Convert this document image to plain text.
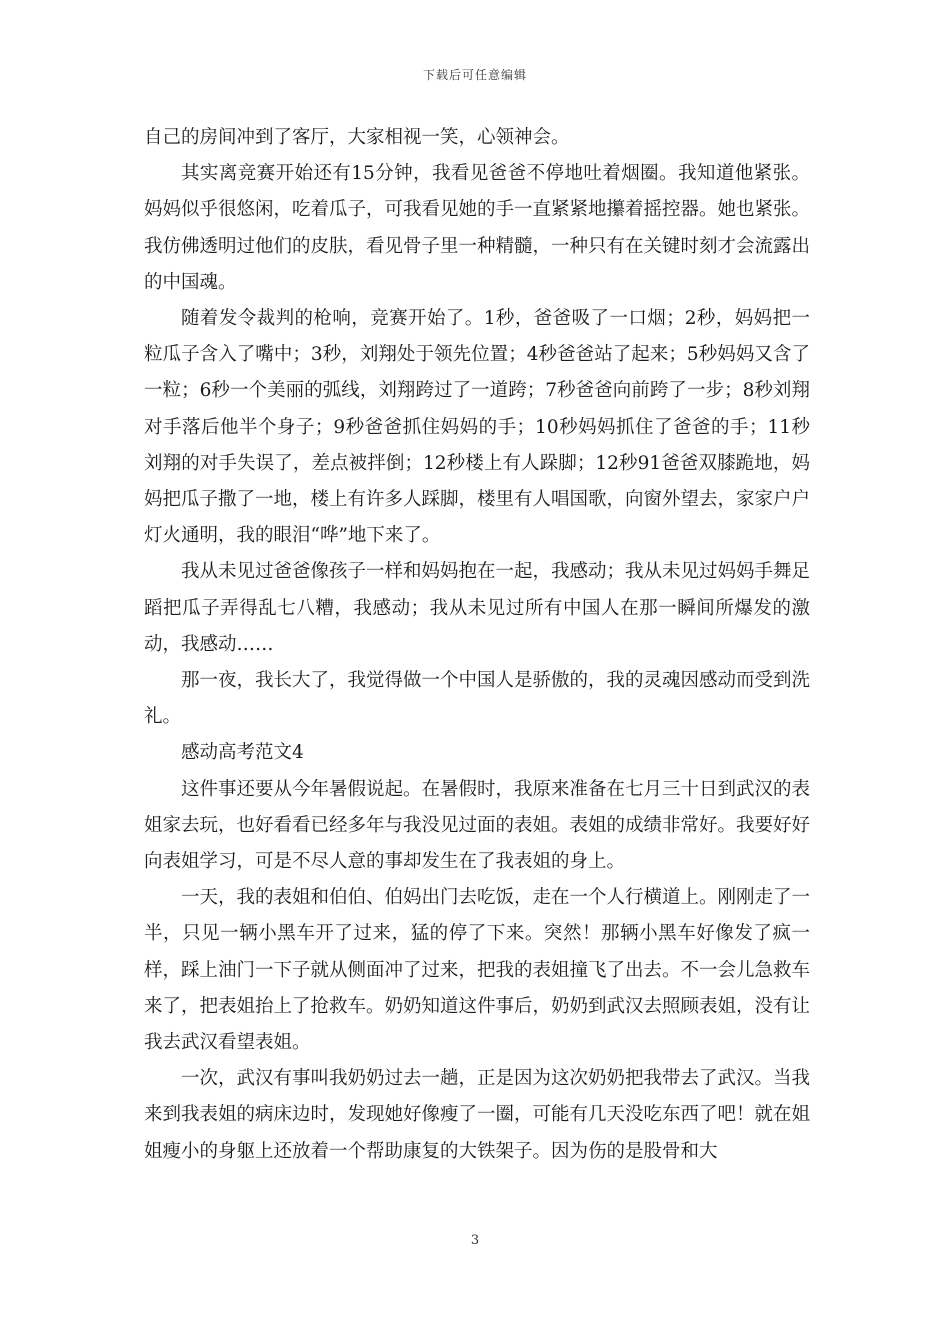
下载后可任意编辑

自己的房间冲到了客厅，大家相视一笑，心领神会。

其实离竞赛开始还有15分钟，我看见爸爸不停地吐着烟圈。我知道他紧张。妈妈似乎很悠闲，吃着瓜子，可我看见她的手一直紧紧地攥着摇控器。她也紧张。我仿佛透明过他们的皮肤，看见骨子里一种精髓，一种只有在关键时刻才会流露出的中国魂。

随着发令裁判的枪响，竞赛开始了。1秒，爸爸吸了一口烟；2秒，妈妈把一粒瓜子含入了嘴中；3秒，刘翔处于领先位置；4秒爸爸站了起来；5秒妈妈又含了一粒；6秒一个美丽的弧线，刘翔跨过了一道跨；7秒爸爸向前跨了一步；8秒刘翔对手落后他半个身子；9秒爸爸抓住妈妈的手；10秒妈妈抓住了爸爸的手；11秒刘翔的对手失误了，差点被拌倒；12秒楼上有人跺脚；12秒91爸爸双膝跪地，妈妈把瓜子撒了一地，楼上有许多人踩脚，楼里有人唱国歌，向窗外望去，家家户户灯火通明，我的眼泪“哗”地下来了。

我从未见过爸爸像孩子一样和妈妈抱在一起，我感动；我从未见过妈妈手舞足蹈把瓜子弄得乱七八糟，我感动；我从未见过所有中国人在那一瞬间所爆发的激动，我感动……

那一夜，我长大了，我觉得做一个中国人是骄傲的，我的灵魂因感动而受到洗礼。

感动高考范文4

这件事还要从今年暑假说起。在暑假时，我原来准备在七月三十日到武汉的表姐家去玩，也好看看已经多年与我没见过面的表姐。表姐的成绩非常好。我要好好向表姐学习，可是不尽人意的事却发生在了我表姐的身上。

一天，我的表姐和伯伯、伯妈出门去吃饭，走在一个人行横道上。刚刚走了一半，只见一辆小黑车开了过来，猛的停了下来。突然！那辆小黑车好像发了疯一样，踩上油门一下子就从侧面冲了过来，把我的表姐撞飞了出去。不一会儿急救车来了，把表姐抬上了抢救车。奶奶知道这件事后，奶奶到武汉去照顾表姐，没有让我去武汉看望表姐。

一次，武汉有事叫我奶奶过去一趟，正是因为这次奶奶把我带去了武汉。当我来到我表姐的病床边时，发现她好像瘦了一圈，可能有几天没吃东西了吧！就在姐姐瘦小的身躯上还放着一个帮助康复的大铁架子。因为伤的是股骨和大

3
